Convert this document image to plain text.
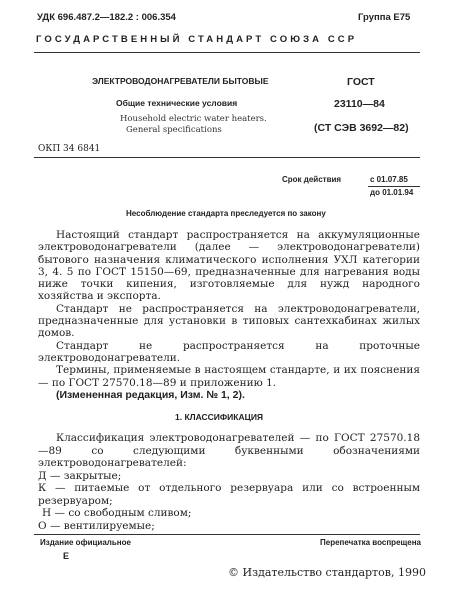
УДК 696.487.2—182.2 : 006.354	Группа Е75
ГОСУДАРСТВЕННЫЙ СТАНДАРТ СОЮЗА ССР
ЭЛЕКТРОВОДОНАГРЕВАТЕЛИ БЫТОВЫЕ
Общие технические условия
Household electric water heaters.
General specifications
ГОСТ
23110—84
(СТ СЭВ 3692—82)
ОКП 34 6841
Срок действия	с 01.07.85
до 01.01.94
Несоблюдение стандарта преследуется по закону

Настоящий стандарт распространяется на аккумуляционные электроводонагреватели (далее — электроводонагреватели) бытового назначения климатического исполнения УХЛ категории 3, 4. 5 по ГОСТ 15150—69, предназначенные для нагревания воды ниже точки кипения, изготовляемые для нужд народного хозяйства и экспорта.

Стандарт не распространяется на электроводонагреватели, предназначенные для установки в типовых сантехкабинах жилых домов.

Стандарт не распространяется на проточные электроводонагреватели.

Термины, применяемые в настоящем стандарте, и их пояснения — по ГОСТ 27570.18—89 и приложению 1.

(Измененная редакция, Изм. № 1, 2).

1. КЛАССИФИКАЦИЯ

Классификация электроводонагревателей — по ГОСТ 27570.18—89 со следующими буквенными обозначениями электроводонагревателей:

Д — закрытые;

К — питаемые от отдельного резервуара или со встроенным резервуаром;

Н — со свободным сливом;

О — вентилируемые;

Издание официальное	Перепечатка воспрещена
Е
© Издательство стандартов, 1990
